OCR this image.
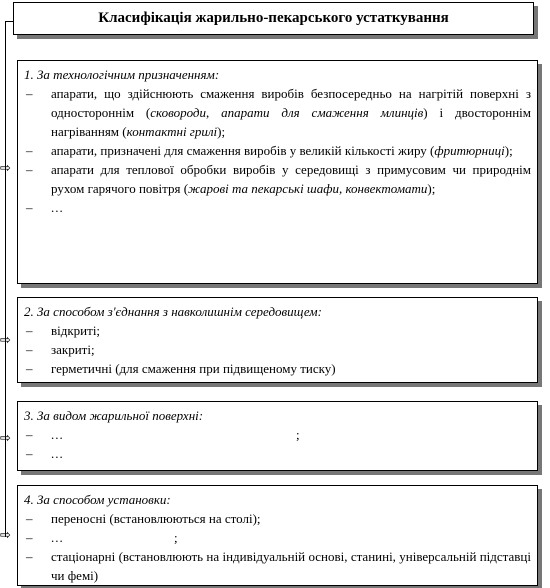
Класифікація жарильно-пекарського устаткування
1. За технологічним призначенням:
– апарати, що здійснюють смаження виробів безпосередньо на нагрітій поверхні з одностороннім (сковороди, апарати для смаження млинців) і двостороннім нагріванням (контактні грилі);
– апарати, призначені для смаження виробів у великій кількості жиру (фритюрниці);
– апарати для теплової обробки виробів у середовищі з примусовим чи природнім рухом гарячого повітря (жарові та пекарські шафи, конвектомати);
– ...
⇨
2. За способом з'єднання з навколишнім середовищем:
– відкриті;
– закриті;
– герметичні (для смаження при підвищеному тиску)
⇨
3. За видом жарильної поверхні:
– ...	;
– ...
⇨
4. За способом установки:
– переносні (встановлюються на столі);
– ...	;
– стаціонарні (встановлюють на індивідуальній основі, станині, універсальній підставці чи фемі)
⇨
